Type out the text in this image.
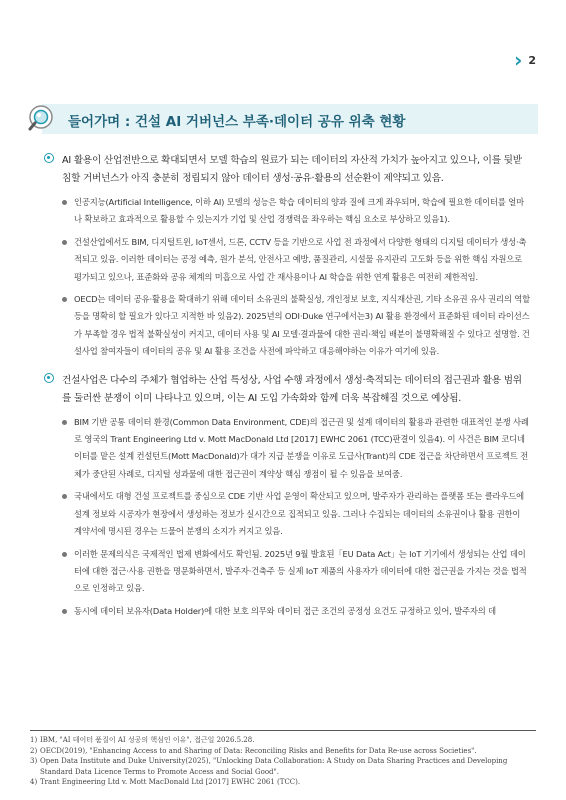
› 2
들어가며 : 건설 AI 거버넌스 부족·데이터 공유 위축 현황
AI 활용이 산업전반으로 확대되면서 모델 학습의 원료가 되는 데이터의 자산적 가치가 높아지고 있으나, 이를 뒷받침할 거버넌스가 아직 충분히 정립되지 않아 데이터 생성·공유·활용의 선순환이 제약되고 있음.
인공지능(Artificial Intelligence, 이하 AI) 모델의 성능은 학습 데이터의 양과 질에 크게 좌우되며, 학습에 필요한 데이터를 얼마나 확보하고 효과적으로 활용할 수 있는지가 기업 및 산업 경쟁력을 좌우하는 핵심 요소로 부상하고 있음1).
건설산업에서도 BIM, 디지털트윈, IoT센서, 드론, CCTV 등을 기반으로 사업 전 과정에서 다양한 형태의 디지털 데이터가 생성·축적되고 있음. 이러한 데이터는 공정 예측, 원가 분석, 안전사고 예방, 품질관리, 시설물 유지관리 고도화 등을 위한 핵심 자원으로 평가되고 있으나, 표준화와 공유 체계의 미흡으로 사업 간 재사용이나 AI 학습을 위한 연계 활용은 여전히 제한적임.
OECD는 데이터 공유·활용을 확대하기 위해 데이터 소유권의 불확실성, 개인정보 보호, 지식재산권, 기타 소유권 유사 권리의 역할 등을 명확히 할 필요가 있다고 지적한 바 있음2). 2025년의 ODI·Duke 연구에서는3) AI 활용 환경에서 표준화된 데이터 라이선스가 부족할 경우 법적 불확실성이 커지고, 데이터 사용 및 AI 모델·결과물에 대한 권리·책임 배분이 불명확해질 수 있다고 설명함. 건설사업 참여자들이 데이터의 공유 및 AI 활용 조건을 사전에 파악하고 대응해야하는 이유가 여기에 있음.
건설사업은 다수의 주체가 협업하는 산업 특성상, 사업 수행 과정에서 생성·축적되는 데이터의 접근권과 활용 범위를 둘러싼 분쟁이 이미 나타나고 있으며, 이는 AI 도입 가속화와 함께 더욱 복잡해질 것으로 예상됨.
BIM 기반 공통 데이터 환경(Common Data Environment, CDE)의 접근권 및 설계 데이터의 활용과 관련한 대표적인 분쟁 사례로 영국의 Trant Engineering Ltd v. Mott MacDonald Ltd [2017] EWHC 2061 (TCC)판결이 있음4). 이 사건은 BIM 코디네이터를 맡은 설계 컨설턴트(Mott MacDonald)가 대가 지급 분쟁을 이유로 도급사(Trant)의 CDE 접근을 차단하면서 프로젝트 전체가 중단된 사례로, 디지털 성과물에 대한 접근권이 계약상 핵심 쟁점이 될 수 있음을 보여줌.
국내에서도 대형 건설 프로젝트를 중심으로 CDE 기반 사업 운영이 확산되고 있으며, 발주자가 관리하는 플랫폼 또는 클라우드에 설계 정보와 시공자가 현장에서 생성하는 정보가 실시간으로 집적되고 있음. 그러나 수집되는 데이터의 소유권이나 활용 권한이 계약서에 명시된 경우는 드물어 분쟁의 소지가 커지고 있음.
이러한 문제의식은 국제적인 법제 변화에서도 확인됨. 2025년 9월 발효된「EU Data Act」는 IoT 기기에서 생성되는 산업 데이터에 대한 접근·사용 권한을 명문화하면서, 발주자·건축주 등 실제 IoT 제품의 사용자가 데이터에 대한 접근권을 가지는 것을 법적으로 인정하고 있음.
동시에 데이터 보유자(Data Holder)에 대한 보호 의무와 데이터 접근 조건의 공정성 요건도 규정하고 있어, 발주자의 데
1) IBM, "AI 데이터 품질이 AI 성공의 핵심인 이유", 접근일 2026.5.28.
2) OECD(2019), "Enhancing Access to and Sharing of Data: Reconciling Risks and Benefits for Data Re-use across Societies".
3) Open Data Institute and Duke University(2025), "Unlocking Data Collaboration: A Study on Data Sharing Practices and Developing Standard Data Licence Terms to Promote Access and Social Good".
4) Trant Engineering Ltd v. Mott MacDonald Ltd [2017] EWHC 2061 (TCC).
